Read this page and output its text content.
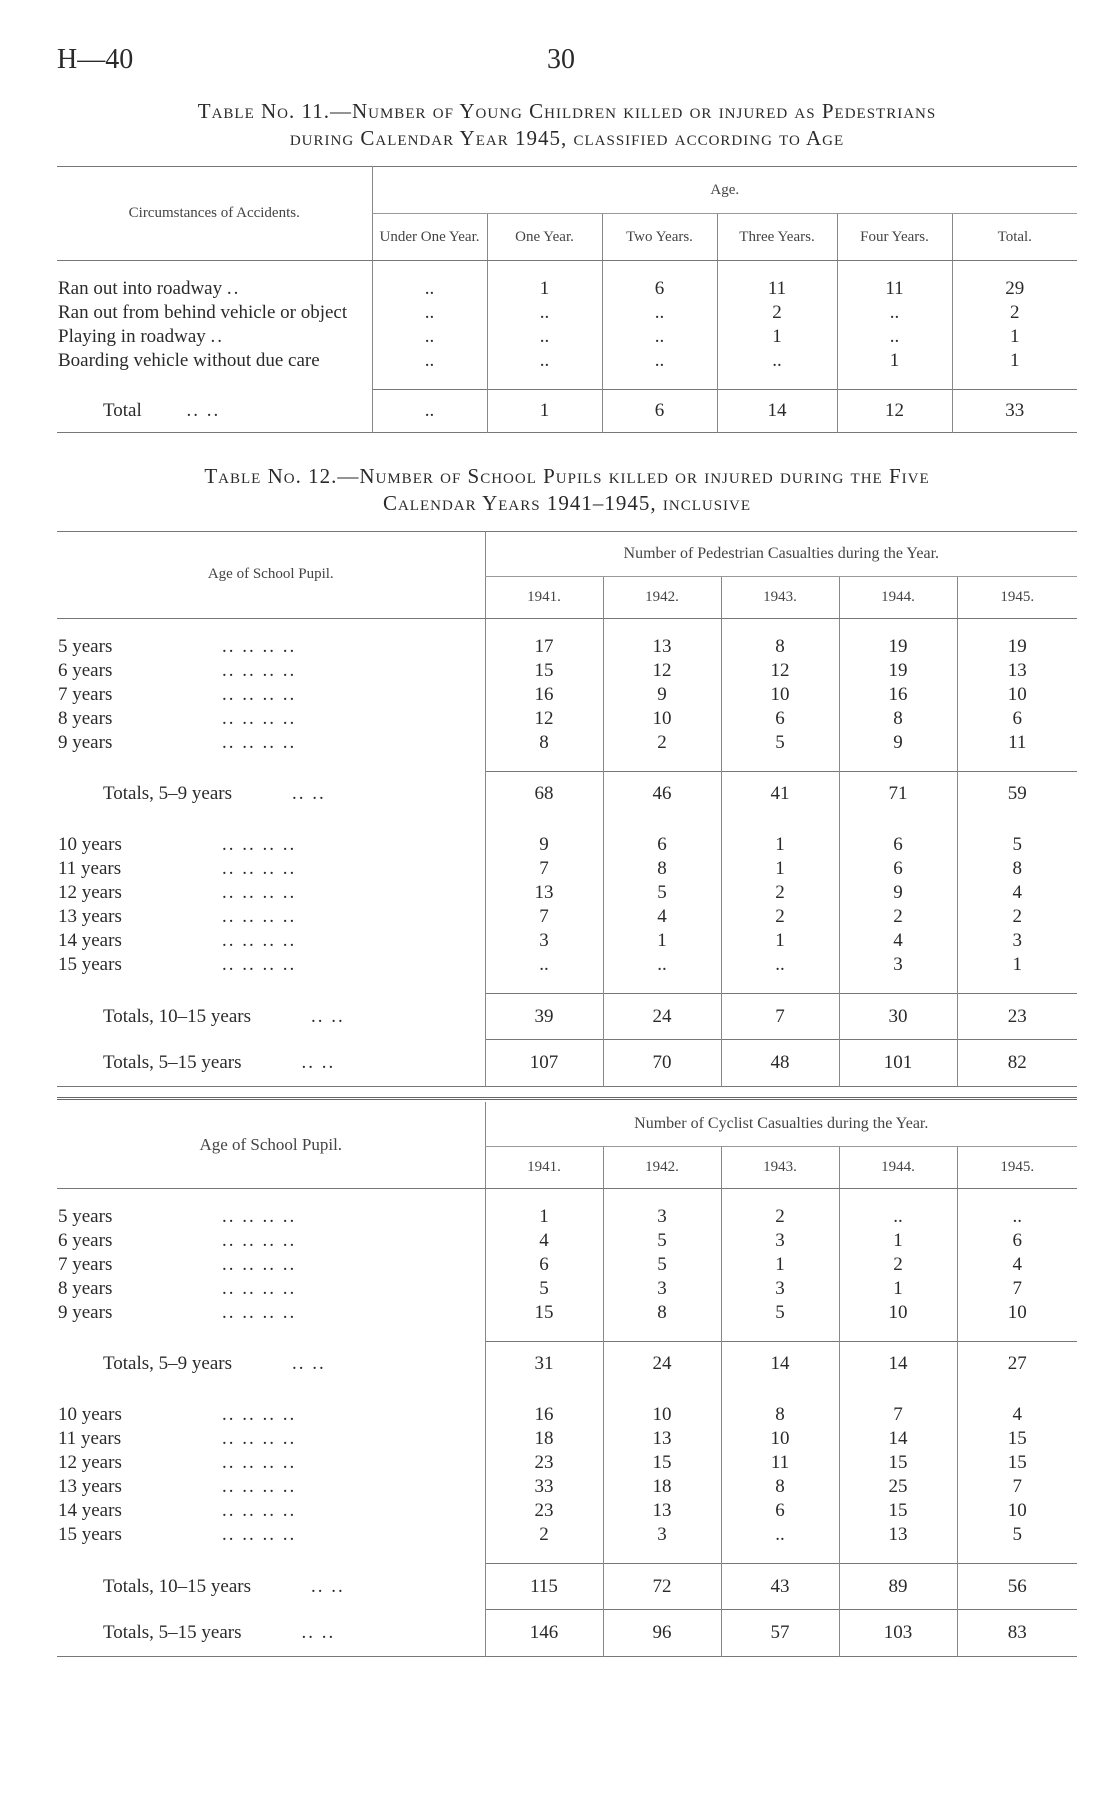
H—40	30
Table No. 11.—Number of Young Children killed or injured as Pedestrians
during Calendar Year 1945, classified according to Age
Circumstances of Accidents.	Age.					
	Under One Year.	One Year.	Two Years.	Three Years.	Four Years.	Total.

Ran out into roadway ..	..	1	6	11	11	29
Ran out from behind vehicle or object	..	..	..	2	..	2
Playing in roadway ..	..	..	..	1	..	1
Boarding vehicle without due care	..	..	..	..	1	1

Total .. ..	..	1	6	14	12	33
Table No. 12.—Number of School Pupils killed or injured during the Five
Calendar Years 1941–1945, inclusive
Age of School Pupil.	Number of Pedestrian Casualties during the Year.				
	1941.	1942.	1943.	1944.	1945.

5 years .. .. .. ..	17	13	8	19	19
6 years .. .. .. ..	15	12	12	19	13
7 years .. .. .. ..	16	9	10	16	10
8 years .. .. .. ..	12	10	6	8	6
9 years .. .. .. ..	8	2	5	9	11

Totals, 5–9 years .. ..	68	46	41	71	59

10 years .. .. .. ..	9	6	1	6	5
11 years .. .. .. ..	7	8	1	6	8
12 years .. .. .. ..	13	5	2	9	4
13 years .. .. .. ..	7	4	2	2	2
14 years .. .. .. ..	3	1	1	4	3
15 years .. .. .. ..	..	..	..	3	1

Totals, 10–15 years .. ..	39	24	7	30	23
Totals, 5–15 years .. ..	107	70	48	101	82
Age of School Pupil.	Number of Cyclist Casualties during the Year.				
	1941.	1942.	1943.	1944.	1945.

5 years .. .. .. ..	1	3	2	..	..
6 years .. .. .. ..	4	5	3	1	6
7 years .. .. .. ..	6	5	1	2	4
8 years .. .. .. ..	5	3	3	1	7
9 years .. .. .. ..	15	8	5	10	10

Totals, 5–9 years .. ..	31	24	14	14	27

10 years .. .. .. ..	16	10	8	7	4
11 years .. .. .. ..	18	13	10	14	15
12 years .. .. .. ..	23	15	11	15	15
13 years .. .. .. ..	33	18	8	25	7
14 years .. .. .. ..	23	13	6	15	10
15 years .. .. .. ..	2	3	..	13	5

Totals, 10–15 years .. ..	115	72	43	89	56
Totals, 5–15 years .. ..	146	96	57	103	83
